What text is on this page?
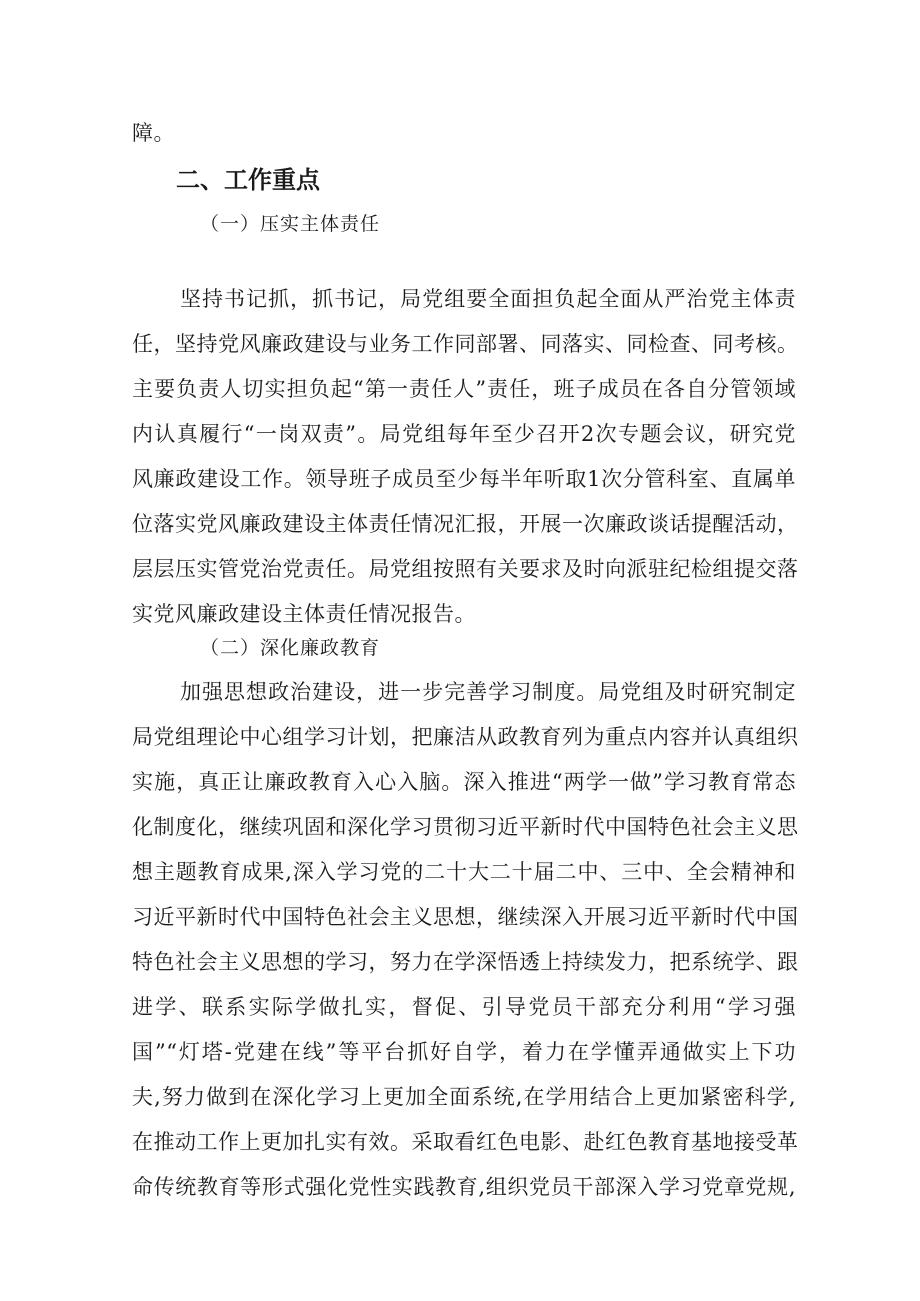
障。
二、工作重点
（一）压实主体责任
坚持书记抓，抓书记，局党组要全面担负起全面从严治党主体责
任，坚持党风廉政建设与业务工作同部署、同落实、同检查、同考核。
主要负责人切实担负起“第一责任人”责任，班子成员在各自分管领域
内认真履行“一岗双责”。局党组每年至少召开2次专题会议，研究党
风廉政建设工作。领导班子成员至少每半年听取1次分管科室、直属单
位落实党风廉政建设主体责任情况汇报，开展一次廉政谈话提醒活动，
层层压实管党治党责任。局党组按照有关要求及时向派驻纪检组提交落
实党风廉政建设主体责任情况报告。
（二）深化廉政教育
加强思想政治建设，进一步完善学习制度。局党组及时研究制定
局党组理论中心组学习计划，把廉洁从政教育列为重点内容并认真组织
实施，真正让廉政教育入心入脑。深入推进“两学一做”学习教育常态
化制度化，继续巩固和深化学习贯彻习近平新时代中国特色社会主义思
想主题教育成果,深入学习党的二十大二十届二中、三中、全会精神和
习近平新时代中国特色社会主义思想，继续深入开展习近平新时代中国
特色社会主义思想的学习，努力在学深悟透上持续发力，把系统学、跟
进学、联系实际学做扎实，督促、引导党员干部充分利用“学习强
国”“灯塔-党建在线”等平台抓好自学，着力在学懂弄通做实上下功
夫,努力做到在深化学习上更加全面系统,在学用结合上更加紧密科学,
在推动工作上更加扎实有效。采取看红色电影、赴红色教育基地接受革
命传统教育等形式强化党性实践教育,组织党员干部深入学习党章党规,
